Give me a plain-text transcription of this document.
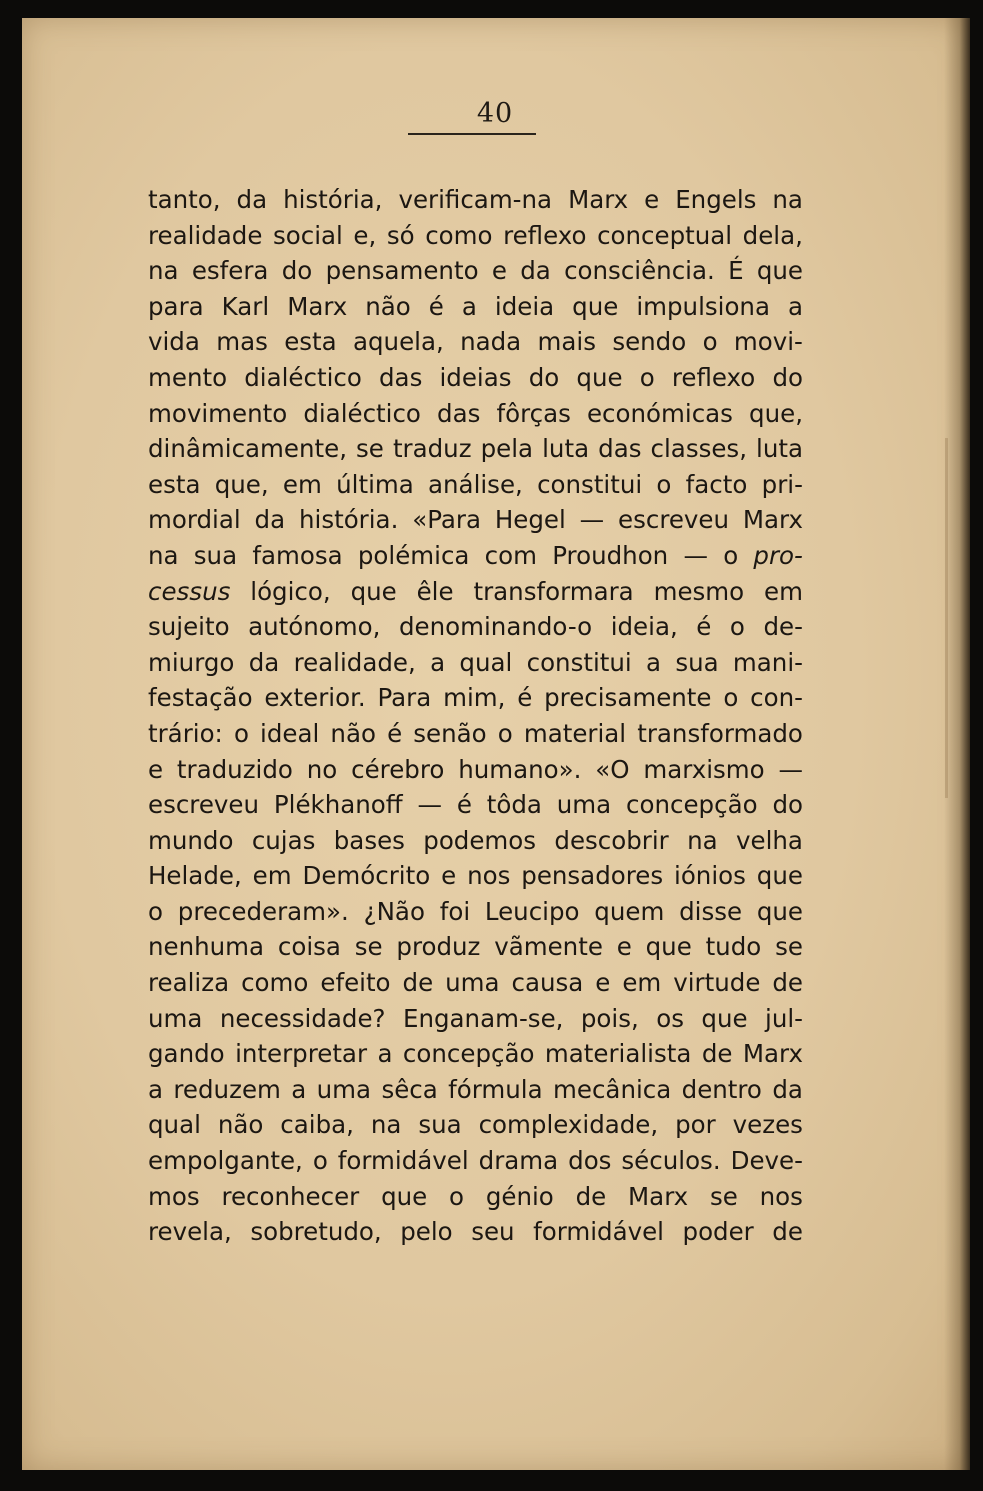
40
tanto, da história, verificam-na Marx e Engels na
realidade social e, só como reflexo conceptual dela,
na esfera do pensamento e da consciência. É que
para Karl Marx não é a ideia que impulsiona a
vida mas esta aquela, nada mais sendo o movi-
mento dialéctico das ideias do que o reflexo do
movimento dialéctico das fôrças económicas que,
dinâmicamente, se traduz pela luta das classes, luta
esta que, em última análise, constitui o facto pri-
mordial da história. «Para Hegel — escreveu Marx
na sua famosa polémica com Proudhon — o pro-
cessus lógico, que êle transformara mesmo em
sujeito autónomo, denominando-o ideia, é o de-
miurgo da realidade, a qual constitui a sua mani-
festação exterior. Para mim, é precisamente o con-
trário: o ideal não é senão o material transformado
e traduzido no cérebro humano». «O marxismo —
escreveu Plékhanoff — é tôda uma concepção do
mundo cujas bases podemos descobrir na velha
Helade, em Demócrito e nos pensadores iónios que
o precederam». ¿Não foi Leucipo quem disse que
nenhuma coisa se produz vãmente e que tudo se
realiza como efeito de uma causa e em virtude de
uma necessidade? Enganam-se, pois, os que jul-
gando interpretar a concepção materialista de Marx
a reduzem a uma sêca fórmula mecânica dentro da
qual não caiba, na sua complexidade, por vezes
empolgante, o formidável drama dos séculos. Deve-
mos reconhecer que o génio de Marx se nos
revela, sobretudo, pelo seu formidável poder de
